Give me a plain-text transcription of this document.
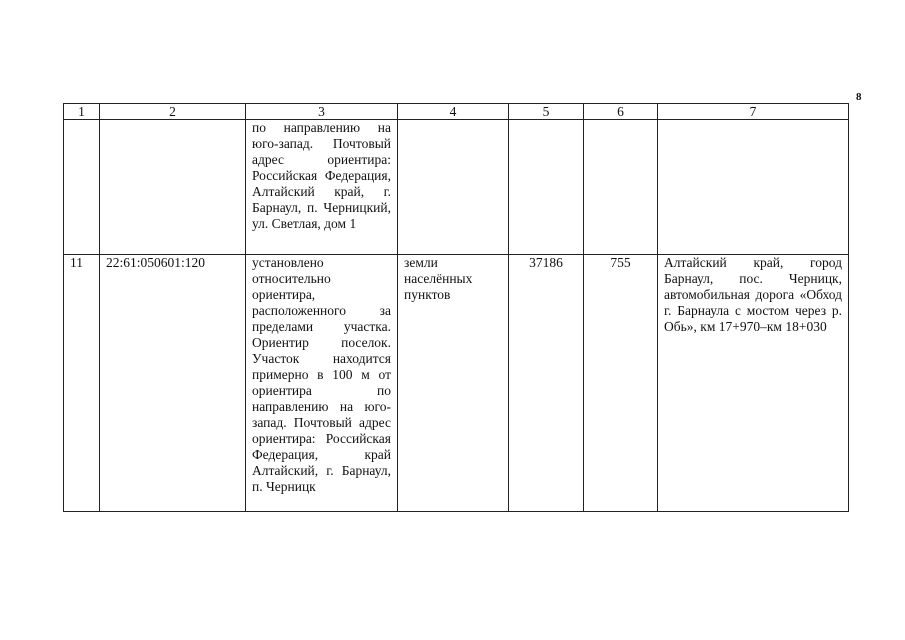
8
1	2	3	4	5	6	7
		по направлению на юго-запад. Почтовый адрес ориентира: Российская Федерация, Алтайский край, г. Барнаул, п. Черницкий, ул. Светлая, дом 1				
11	22:61:050601:120	установлено относительно ориентира, расположенного за пределами участка. Ориентир поселок. Участок находится примерно в 100 м от ориентира по направлению на юго-запад. Почтовый адрес ориентира: Российская Федерация, край Алтайский, г. Барнаул, п. Черницк	земли населённых пунктов	37186	755	Алтайский край, город Барнаул, пос. Черницк, автомобильная дорога «Обход г. Барнаула с мостом через р. Обь», км 17+970–км 18+030
